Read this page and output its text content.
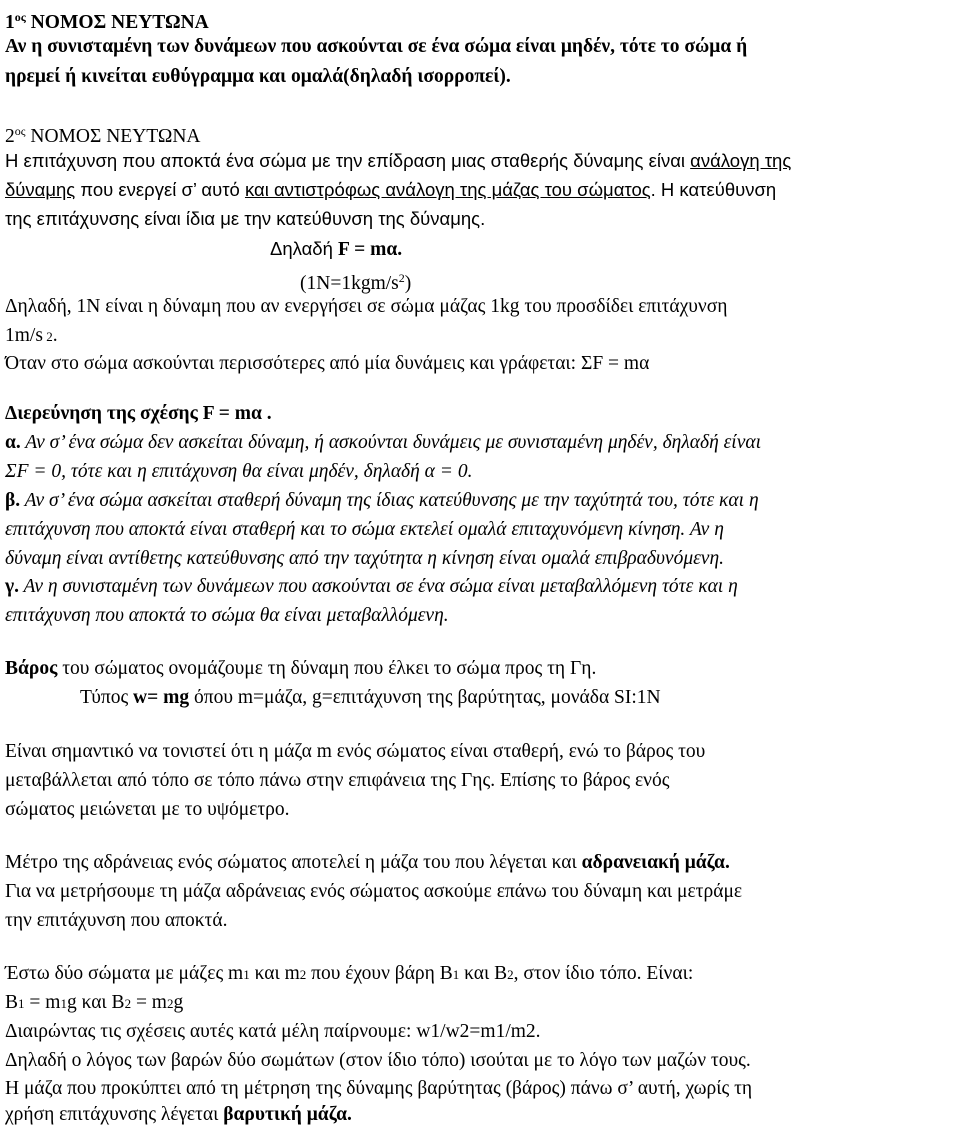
$1^{o\varsigma}$ ΝΟΜΟΣ ΝΕΥΤΩΝΑ
Αν η συνισταμένη των δυνάμεων που ασκούνται σε ένα σώμα είναι μηδέν, τότε το σώμα ή
ηρεμεί ή κινείται ευθύγραμμα και ομαλά(δηλαδή ισορροπεί).
$2^{o\varsigma}$ ΝΟΜΟΣ ΝΕΥΤΩΝΑ
Η επιτάχυνση που αποκτά ένα σώμα με την επίδραση μιας σταθερής δύναμης είναι ανάλογη της
δύναμης που ενεργεί σ’ αυτό και αντιστρόφως ανάλογη της μάζας του σώματος. Η κατεύθυνση
της επιτάχυνσης είναι ίδια με την κατεύθυνση της δύναμης.
Δηλαδή F = mα.
$(1N=1kgm/s^2)$
Δηλαδή, 1N είναι η δύναμη που αν ενεργήσει σε σώμα μάζας 1kg του προσδίδει επιτάχυνση
1m/s 2.
Όταν στο σώμα ασκούνται περισσότερες από μία δυνάμεις και γράφεται: ΣF = mα
Διερεύνηση της σχέσης F = mα .
α. Αν σ’ ένα σώμα δεν ασκείται δύναμη, ή ασκούνται δυνάμεις με συνισταμένη μηδέν, δηλαδή είναι
ΣF = 0, τότε και η επιτάχυνση θα είναι μηδέν, δηλαδή α = 0.
β. Αν σ’ ένα σώμα ασκείται σταθερή δύναμη της ίδιας κατεύθυνσης με την ταχύτητά του, τότε και η
επιτάχυνση που αποκτά είναι σταθερή και το σώμα εκτελεί ομαλά επιταχυνόμενη κίνηση. Αν η
δύναμη είναι αντίθετης κατεύθυνσης από την ταχύτητα η κίνηση είναι ομαλά επιβραδυνόμενη.
γ. Αν η συνισταμένη των δυνάμεων που ασκούνται σε ένα σώμα είναι μεταβαλλόμενη τότε και η
επιτάχυνση που αποκτά το σώμα θα είναι μεταβαλλόμενη.
Βάρος του σώματος ονομάζουμε τη δύναμη που έλκει το σώμα προς τη Γη.
Τύπος w= mg όπου m=μάζα, g=επιτάχυνση της βαρύτητας, μονάδα SI:1N
Είναι σημαντικό να τονιστεί ότι η μάζα m ενός σώματος είναι σταθερή, ενώ το βάρος του
μεταβάλλεται από τόπο σε τόπο πάνω στην επιφάνεια της Γης. Επίσης το βάρος ενός
σώματος μειώνεται με το υψόμετρο.
Μέτρο της αδράνειας ενός σώματος αποτελεί η μάζα του που λέγεται και αδρανειακή μάζα.
Για να μετρήσουμε τη μάζα αδράνειας ενός σώματος ασκούμε επάνω του δύναμη και μετράμε
την επιτάχυνση που αποκτά.
Έστω δύο σώματα με μάζες m1 και m2 που έχουν βάρη B1 και B2, στον ίδιο τόπο. Είναι:
B1 = m1g και B2 = m2g
Διαιρώντας τις σχέσεις αυτές κατά μέλη παίρνουμε: w1/w2=m1/m2.
Δηλαδή ο λόγος των βαρών δύο σωμάτων (στον ίδιο τόπο) ισούται με το λόγο των μαζών τους.
Η μάζα που προκύπτει από τη μέτρηση της δύναμης βαρύτητας (βάρος) πάνω σ’ αυτή, χωρίς τη
χρήση επιτάχυνσης λέγεται βαρυτική μάζα.
